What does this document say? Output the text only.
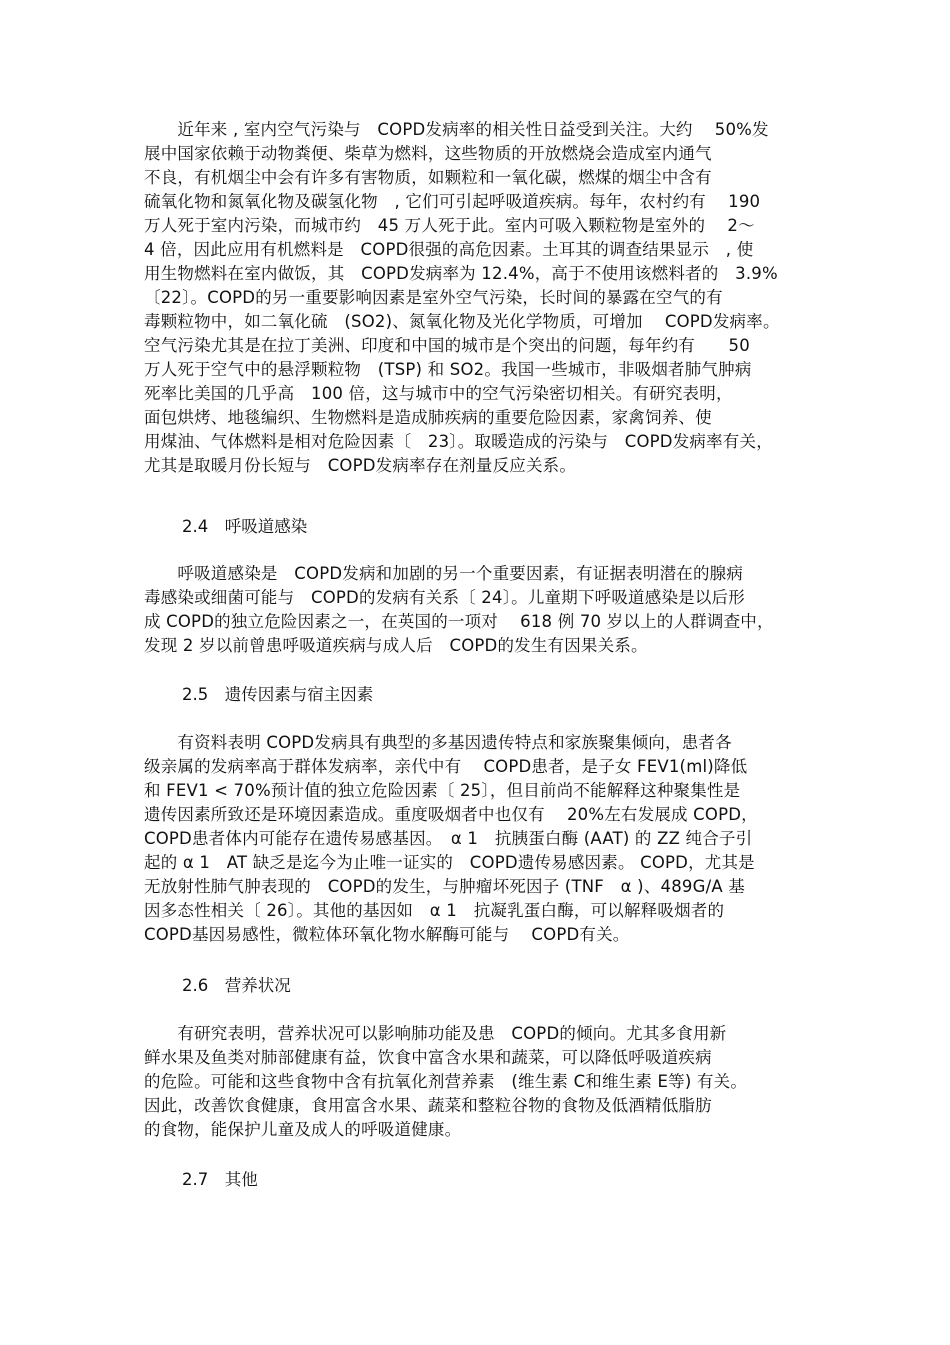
　　近年来 , 室内空气污染与　COPD发病率的相关性日益受到关注。大约　 50%发
展中国家依赖于动物粪便、柴草为燃料，这些物质的开放燃烧会造成室内通气
不良，有机烟尘中会有许多有害物质，如颗粒和一氧化碳，燃煤的烟尘中含有
硫氧化物和氮氧化物及碳氢化物　, 它们可引起呼吸道疾病。每年，农村约有　 190
万人死于室内污染，而城市约　45 万人死于此。室内可吸入颗粒物是室外的　 2～
4 倍，因此应用有机燃料是　COPD很强的高危因素。土耳其的调查结果显示　, 使
用生物燃料在室内做饭，其　COPD发病率为 12.4%，高于不使用该燃料者的　3.9%
〔22〕。COPD的另一重要影响因素是室外空气污染，长时间的暴露在空气的有
毒颗粒物中，如二氧化硫　(SO2)、氮氧化物及光化学物质，可增加　 COPD发病率。
空气污染尤其是在拉丁美洲、印度和中国的城市是个突出的问题，每年约有　　50
万人死于空气中的悬浮颗粒物　(TSP) 和 SO2。我国一些城市，非吸烟者肺气肿病
死率比美国的几乎高　100 倍，这与城市中的空气污染密切相关。有研究表明，
面包烘烤、地毯编织、生物燃料是造成肺疾病的重要危险因素，家禽饲养、使
用煤油、气体燃料是相对危险因素〔　23〕。取暖造成的污染与　COPD发病率有关，
尤其是取暖月份长短与　COPD发病率存在剂量反应关系。
2.4　呼吸道感染
　　呼吸道感染是　COPD发病和加剧的另一个重要因素，有证据表明潜在的腺病
毒感染或细菌可能与　COPD的发病有关系〔 24〕。儿童期下呼吸道感染是以后形
成 COPD的独立危险因素之一，在英国的一项对　 618 例 70 岁以上的人群调查中，
发现 2 岁以前曾患呼吸道疾病与成人后　COPD的发生有因果关系。
2.5　遗传因素与宿主因素
　　有资料表明 COPD发病具有典型的多基因遗传特点和家族聚集倾向，患者各
级亲属的发病率高于群体发病率，亲代中有　 COPD患者，是子女 FEV1(ml)降低
和 FEV1 < 70%预计值的独立危险因素〔 25〕，但目前尚不能解释这种聚集性是
遗传因素所致还是环境因素造成。重度吸烟者中也仅有　 20%左右发展成 COPD，
COPD患者体内可能存在遗传易感基因。　α 1　抗胰蛋白酶 (AAT) 的 ZZ 纯合子引
起的 α 1　AT 缺乏是迄今为止唯一证实的　COPD遗传易感因素。 COPD，尤其是
无放射性肺气肿表现的　COPD的发生，与肿瘤坏死因子 (TNF　α )、489G/A 基
因多态性相关〔 26〕。其他的基因如　α 1　抗凝乳蛋白酶，可以解释吸烟者的
COPD基因易感性，微粒体环氧化物水解酶可能与　 COPD有关。
2.6　营养状况
　　有研究表明，营养状况可以影响肺功能及患　COPD的倾向。尤其多食用新
鲜水果及鱼类对肺部健康有益，饮食中富含水果和蔬菜，可以降低呼吸道疾病
的危险。可能和这些食物中含有抗氧化剂营养素　(维生素 C和维生素 E等) 有关。
因此，改善饮食健康，食用富含水果、蔬菜和整粒谷物的食物及低酒精低脂肪
的食物，能保护儿童及成人的呼吸道健康。
2.7　其他
